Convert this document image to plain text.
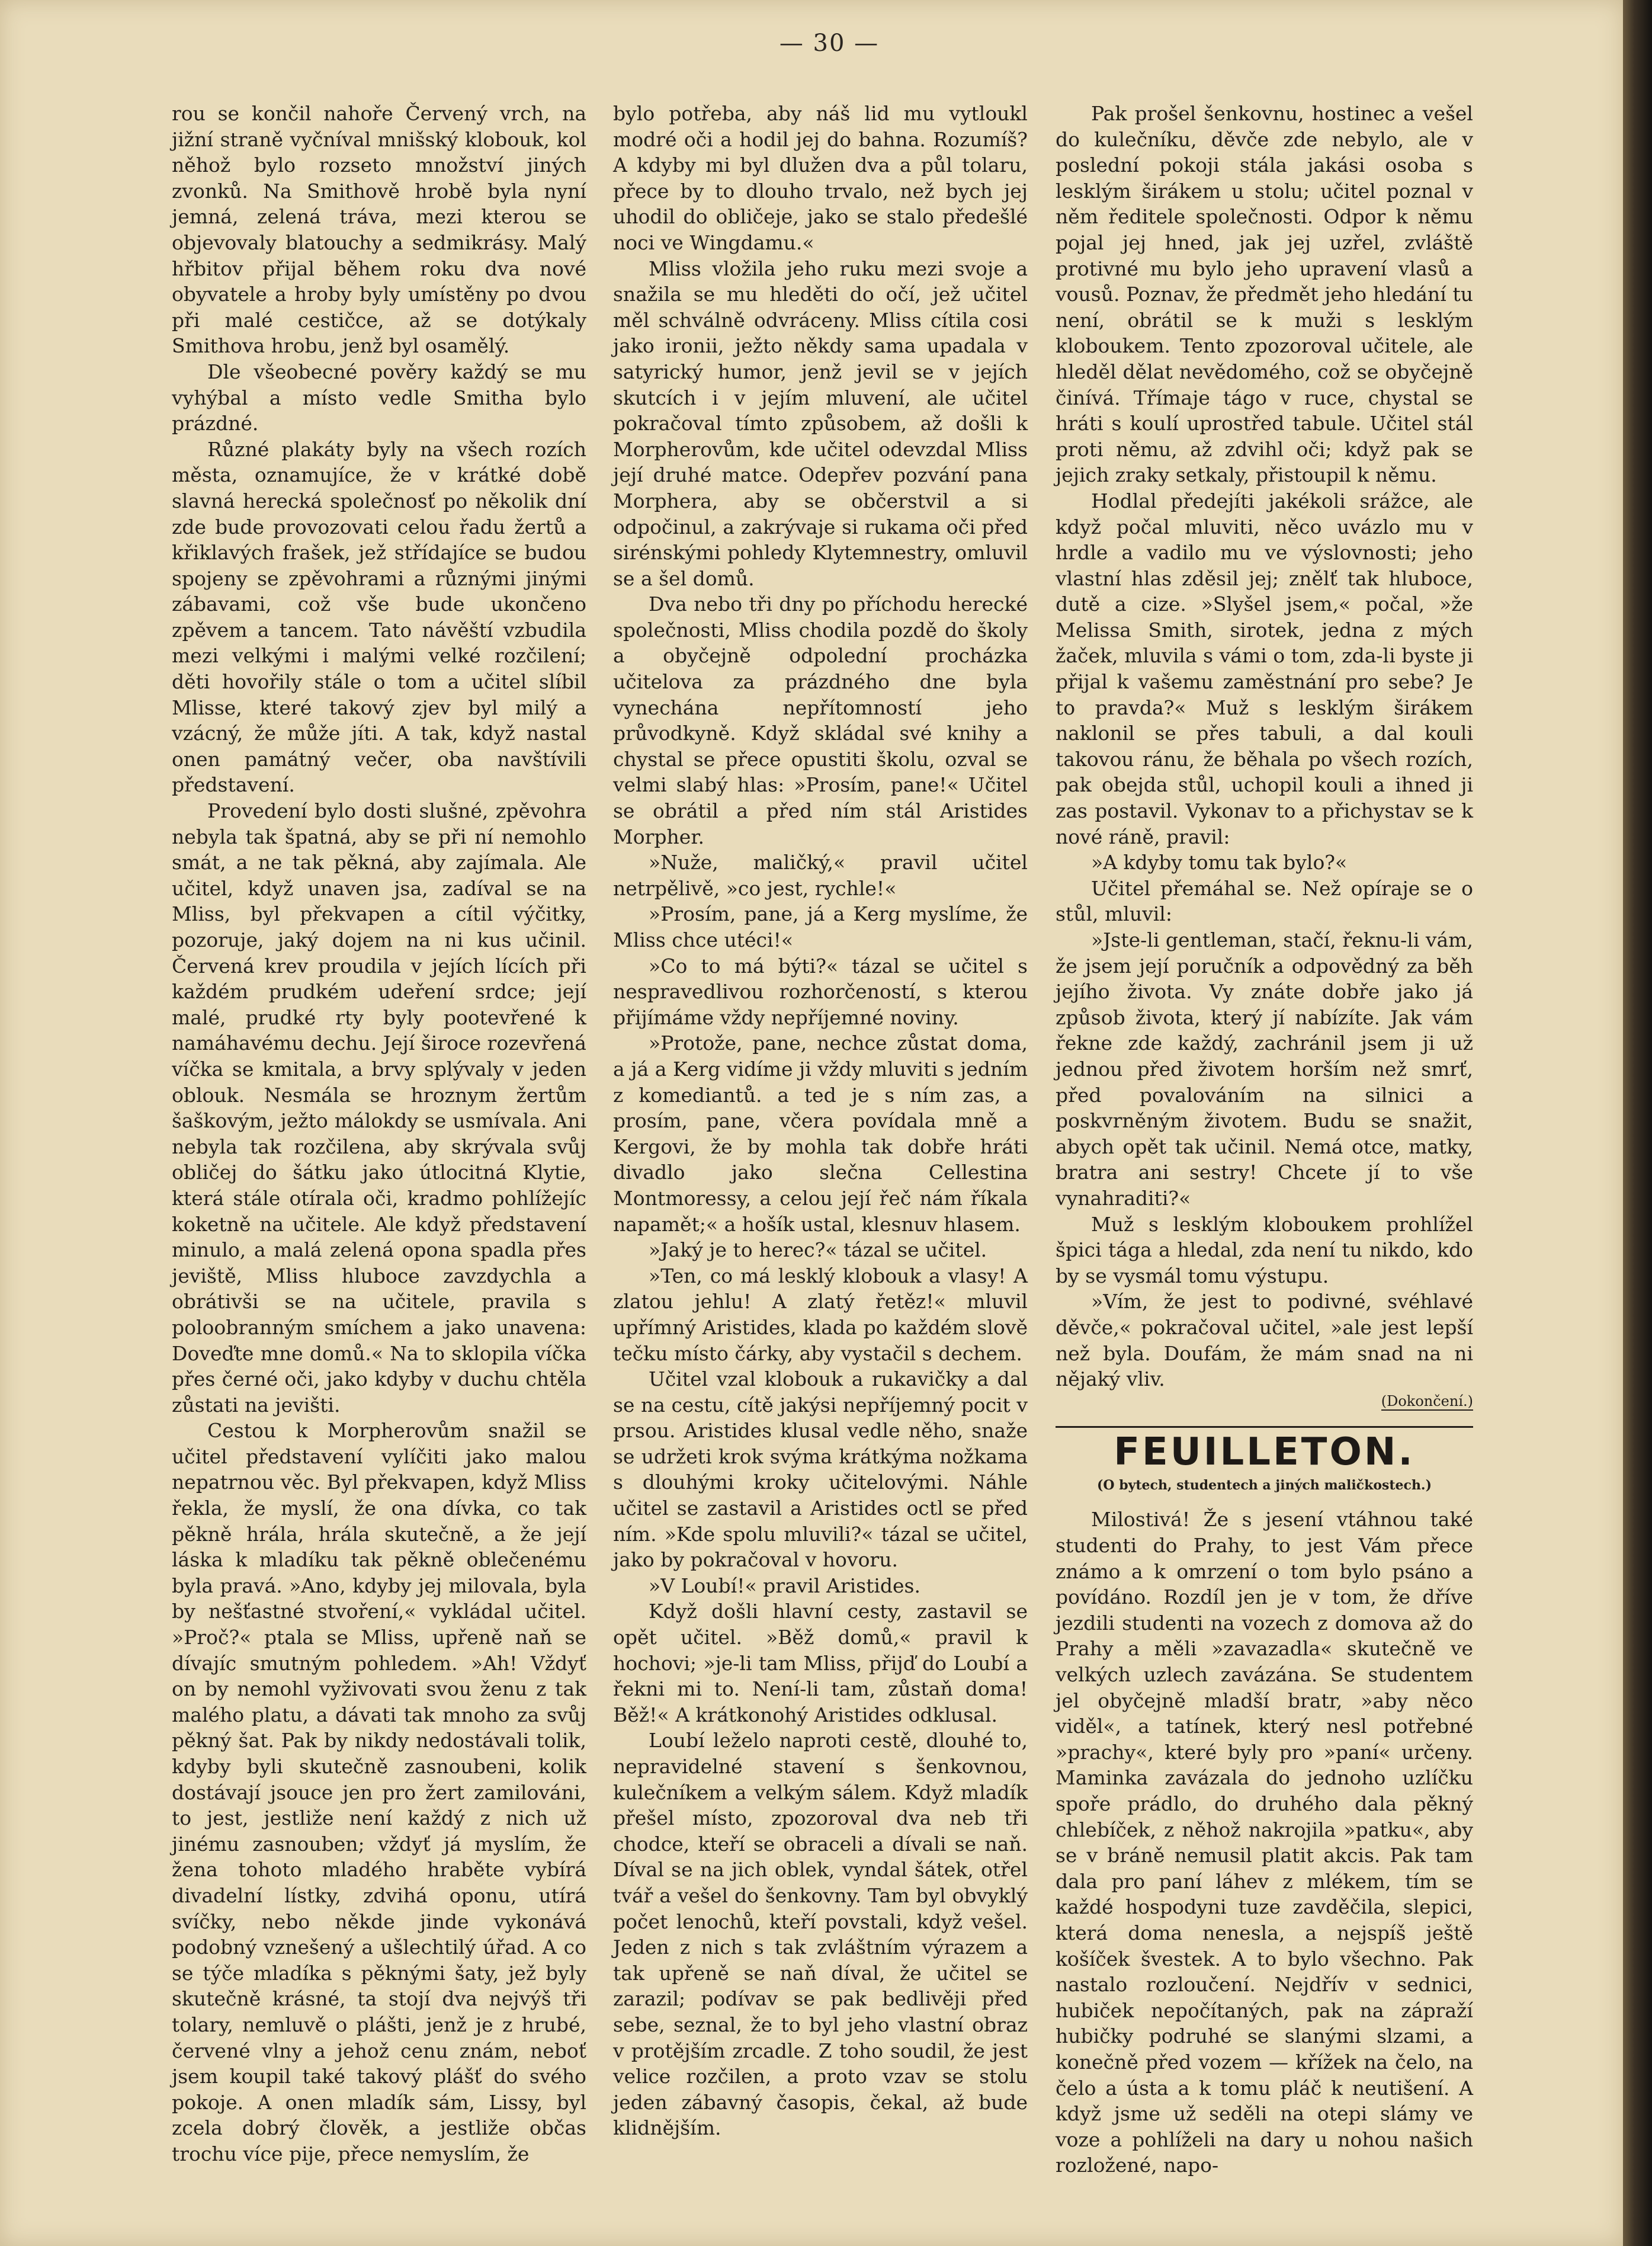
— 30 —

rou se končil nahoře Červený vrch, na jižní straně vyčníval mnišský klobouk, kol něhož bylo rozseto množství jiných zvonků. Na Smithově hrobě byla nyní jemná, zelená tráva, mezi kterou se objevovaly blatouchy a sedmikrásy. Malý hřbitov přijal během roku dva nové obyvatele a hroby byly umístěny po dvou při malé cestičce, až se dotýkaly Smithova hrobu, jenž byl osamělý.

Dle všeobecné pověry každý se mu vyhýbal a místo vedle Smitha bylo prázdné.

Různé plakáty byly na všech rozích města, oznamujíce, že v krátké době slavná herecká společnosť po několik dní zde bude provozovati celou řadu žertů a křiklavých frašek, jež střídajíce se budou spojeny se zpěvohrami a různými jinými zábavami, což vše bude ukončeno zpěvem a tancem. Tato návěští vzbudila mezi velkými i malými velké rozčilení; děti hovořily stále o tom a učitel slíbil Mlisse, které takový zjev byl milý a vzácný, že může jíti. A tak, když nastal onen památný večer, oba navštívili představení.

Provedení bylo dosti slušné, zpěvohra nebyla tak špatná, aby se při ní nemohlo smát, a ne tak pěkná, aby zajímala. Ale učitel, když unaven jsa, zadíval se na Mliss, byl překvapen a cítil výčitky, pozoruje, jaký dojem na ni kus učinil. Červená krev proudila v jejích lících při každém prudkém udeření srdce; její malé, prudké rty byly pootevřené k namáhavému dechu. Její široce rozevřená víčka se kmitala, a brvy splývaly v jeden oblouk. Nesmála se hroznym žertům šaškovým, ježto málokdy se usmívala. Ani nebyla tak rozčilena, aby skrývala svůj obličej do šátku jako útlocitná Klytie, která stále otírala oči, kradmo pohlížejíc koketně na učitele. Ale když představení minulo, a malá zelená opona spadla přes jeviště, Mliss hluboce zavzdychla a obrátivši se na učitele, pravila s poloobranným smíchem a jako unavena: Doveďte mne domů.« Na to sklopila víčka přes černé oči, jako kdyby v duchu chtěla zůstati na jevišti.

Cestou k Morpherovům snažil se učitel představení vylíčiti jako malou nepatrnou věc. Byl překvapen, když Mliss řekla, že myslí, že ona dívka, co tak pěkně hrála, hrála skutečně, a že její láska k mladíku tak pěkně oblečenému byla pravá. »Ano, kdyby jej milovala, byla by nešťastné stvoření,« vykládal učitel. »Proč?« ptala se Mliss, upřeně naň se dívajíc smutným pohledem. »Ah! Vždyť on by nemohl vyživovati svou ženu z tak malého platu, a dávati tak mnoho za svůj pěkný šat. Pak by nikdy nedostávali tolik, kdyby byli skutečně zasnoubeni, kolik dostávají jsouce jen pro žert zamilováni, to jest, jestliže není každý z nich už jinému zasnouben; vždyť já myslím, že žena tohoto mladého hraběte vybírá divadelní lístky, zdvihá oponu, utírá svíčky, nebo někde jinde vykonává podobný vznešený a ušlechtilý úřad. A co se týče mladíka s pěknými šaty, jež byly skutečně krásné, ta stojí dva nejvýš tři tolary, nemluvě o plášti, jenž je z hrubé, červené vlny a jehož cenu znám, neboť jsem koupil také takový plášť do svého pokoje. A onen mladík sám, Lissy, byl zcela dobrý člověk, a jestliže občas trochu více pije, přece nemyslím, že

bylo potřeba, aby náš lid mu vytloukl modré oči a hodil jej do bahna. Rozumíš? A kdyby mi byl dlužen dva a půl tolaru, přece by to dlouho trvalo, než bych jej uhodil do obličeje, jako se stalo předešlé noci ve Wingdamu.«

Mliss vložila jeho ruku mezi svoje a snažila se mu hleděti do očí, jež učitel měl schválně odvráceny. Mliss cítila cosi jako ironii, ježto někdy sama upadala v satyrický humor, jenž jevil se v jejích skutcích i v jejím mluvení, ale učitel pokračoval tímto způsobem, až došli k Morpherovům, kde učitel odevzdal Mliss její druhé matce. Odepřev pozvání pana Morphera, aby se občerstvil a si odpočinul, a zakrývaje si rukama oči před sirénskými pohledy Klytemnestry, omluvil se a šel domů.

Dva nebo tři dny po příchodu herecké společnosti, Mliss chodila pozdě do školy a obyčejně odpolední procházka učitelova za prázdného dne byla vynechána nepřítomností jeho průvodkyně. Když skládal své knihy a chystal se přece opustiti školu, ozval se velmi slabý hlas: »Prosím, pane!« Učitel se obrátil a před ním stál Aristides Morpher.

»Nuže, maličký,« pravil učitel netrpělivě, »co jest, rychle!«

»Prosím, pane, já a Kerg myslíme, že Mliss chce utéci!«

»Co to má býti?« tázal se učitel s nespravedlivou rozhorčeností, s kterou přijímáme vždy nepříjemné noviny.

»Protože, pane, nechce zůstat doma, a já a Kerg vidíme ji vždy mluviti s jedním z komediantů. a ted je s ním zas, a prosím, pane, včera povídala mně a Kergovi, že by mohla tak dobře hráti divadlo jako slečna Cellestina Montmoressy, a celou její řeč nám říkala napamět;« a hošík ustal, klesnuv hlasem.

»Jaký je to herec?« tázal se učitel.

»Ten, co má lesklý klobouk a vlasy! A zlatou jehlu! A zlatý řetěz!« mluvil upřímný Aristides, klada po každém slově tečku místo čárky, aby vystačil s dechem.

Učitel vzal klobouk a rukavičky a dal se na cestu, cítě jakýsi nepříjemný pocit v prsou. Aristides klusal vedle něho, snaže se udržeti krok svýma krátkýma nožkama s dlouhými kroky učitelovými. Náhle učitel se zastavil a Aristides octl se před ním. »Kde spolu mluvili?« tázal se učitel, jako by pokračoval v hovoru.

»V Loubí!« pravil Aristides.

Když došli hlavní cesty, zastavil se opět učitel. »Běž domů,« pravil k hochovi; »je-li tam Mliss, přijď do Loubí a řekni mi to. Není-li tam, zůstaň doma! Běž!« A krátkonohý Aristides odklusal.

Loubí leželo naproti cestě, dlouhé to, nepravidelné stavení s šenkovnou, kulečníkem a velkým sálem. Když mladík přešel místo, zpozoroval dva neb tři chodce, kteří se obraceli a dívali se naň. Díval se na jich oblek, vyndal šátek, otřel tvář a vešel do šenkovny. Tam byl obvyklý počet lenochů, kteří povstali, když vešel. Jeden z nich s tak zvláštním výrazem a tak upřeně se naň díval, že učitel se zarazil; podívav se pak bedlivěji před sebe, seznal, že to byl jeho vlastní obraz v protějším zrcadle. Z toho soudil, že jest velice rozčilen, a proto vzav se stolu jeden zábavný časopis, čekal, až bude klidnějším.

Pak prošel šenkovnu, hostinec a vešel do kulečníku, děvče zde nebylo, ale v poslední pokoji stála jakási osoba s lesklým širákem u stolu; učitel poznal v něm ředitele společnosti. Odpor k němu pojal jej hned, jak jej uzřel, zvláště protivné mu bylo jeho upravení vlasů a vousů. Poznav, že předmět jeho hledání tu není, obrátil se k muži s lesklým kloboukem. Tento zpozoroval učitele, ale hleděl dělat nevědomého, což se obyčejně činívá. Třímaje tágo v ruce, chystal se hráti s koulí uprostřed tabule. Učitel stál proti němu, až zdvihl oči; když pak se jejich zraky setkaly, přistoupil k němu.

Hodlal předejíti jakékoli srážce, ale když počal mluviti, něco uvázlo mu v hrdle a vadilo mu ve výslovnosti; jeho vlastní hlas zděsil jej; znělť tak hluboce, dutě a cize. »Slyšel jsem,« počal, »že Melissa Smith, sirotek, jedna z mých žaček, mluvila s vámi o tom, zda-li byste ji přijal k vašemu zaměstnání pro sebe? Je to pravda?« Muž s lesklým širákem naklonil se přes tabuli, a dal kouli takovou ránu, že běhala po všech rozích, pak obejda stůl, uchopil kouli a ihned ji zas postavil. Vykonav to a přichystav se k nové ráně, pravil:

»A kdyby tomu tak bylo?«

Učitel přemáhal se. Než opíraje se o stůl, mluvil:

»Jste-li gentleman, stačí, řeknu-li vám, že jsem její poručník a odpovědný za běh jejího života. Vy znáte dobře jako já způsob života, který jí nabízíte. Jak vám řekne zde každý, zachránil jsem ji už jednou před životem horším než smrť, před povalováním na silnici a poskvrněným životem. Budu se snažit, abych opět tak učinil. Nemá otce, matky, bratra ani sestry! Chcete jí to vše vynahraditi?«

Muž s lesklým kloboukem prohlížel špici tága a hledal, zda není tu nikdo, kdo by se vysmál tomu výstupu.

»Vím, že jest to podivné, svéhlavé děvče,« pokračoval učitel, »ale jest lepší než byla. Doufám, že mám snad na ni nějaký vliv.

(Dokončení.)

FEUILLETON.
(O bytech, studentech a jiných maličkostech.)

Milostivá! Že s jesení vtáhnou také studenti do Prahy, to jest Vám přece známo a k omrzení o tom bylo psáno a povídáno. Rozdíl jen je v tom, že dříve jezdili studenti na vozech z domova až do Prahy a měli »zavazadla« skutečně ve velkých uzlech zavázána. Se studentem jel obyčejně mladší bratr, »aby něco viděl«, a tatínek, který nesl potřebné »prachy«, které byly pro »paní« určeny. Maminka zavázala do jednoho uzlíčku spoře prádlo, do druhého dala pěkný chlebíček, z něhož nakrojila »patku«, aby se v bráně nemusil platit akcis. Pak tam dala pro paní láhev z mlékem, tím se každé hospodyni tuze zavděčila, slepici, která doma nenesla, a nejspíš ještě košíček švestek. A to bylo všechno. Pak nastalo rozloučení. Nejdřív v sednici, hubiček nepočítaných, pak na zápraží hubičky podruhé se slanými slzami, a konečně před vozem — křížek na čelo, na čelo a ústa a k tomu pláč k neutišení. A když jsme už seděli na otepi slámy ve voze a pohlíželi na dary u nohou našich rozložené, napo-
